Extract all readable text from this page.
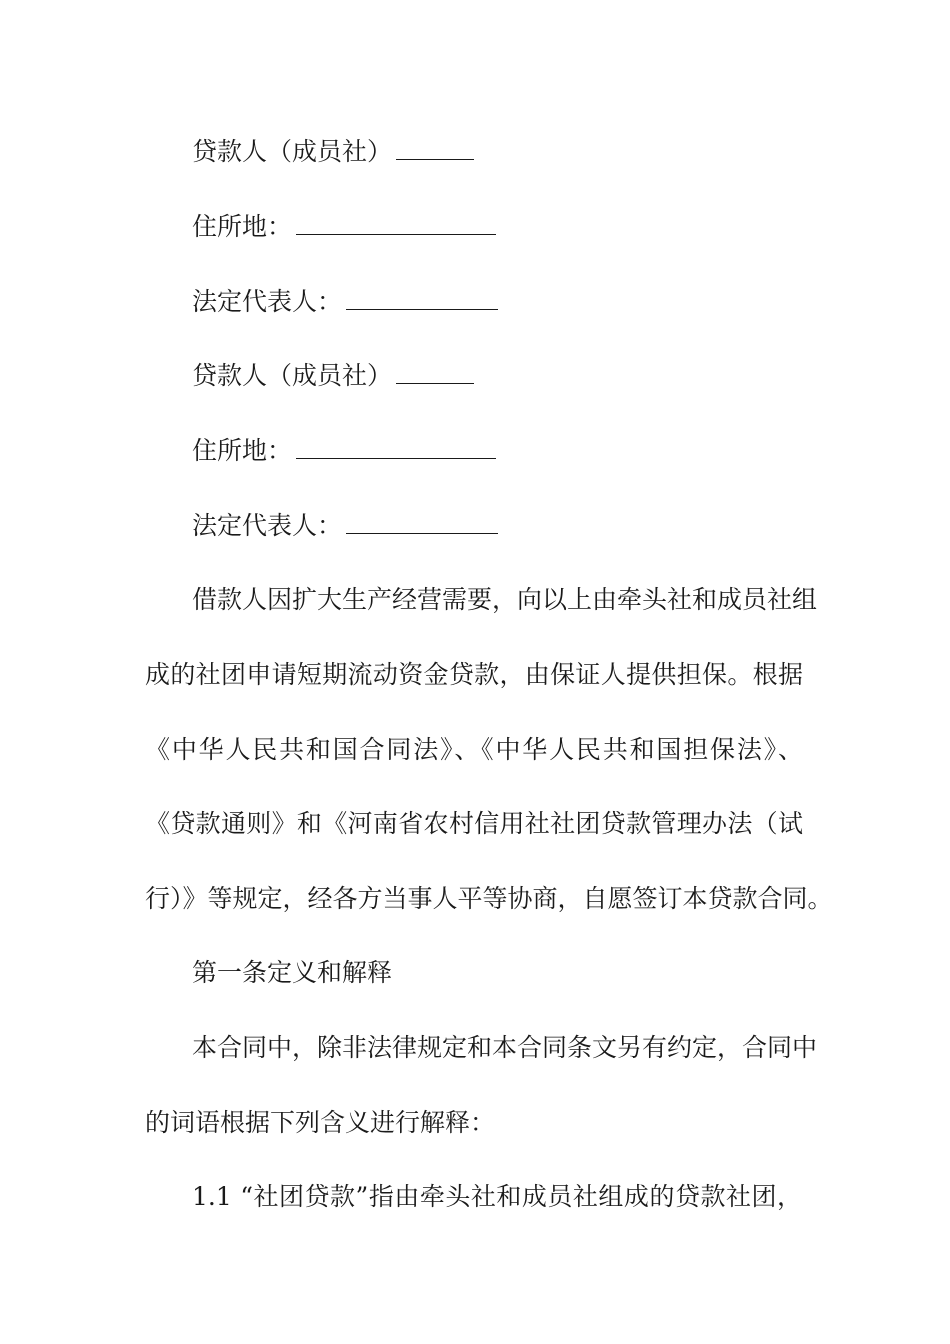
贷款人（成员社）
住所地：
法定代表人：
贷款人（成员社）
住所地：
法定代表人：
借款人因扩大生产经营需要，向以上由牵头社和成员社组
成的社团申请短期流动资金贷款，由保证人提供担保。根据
《中华人民共和国合同法》、《中华人民共和国担保法》、
《贷款通则》和《河南省农村信用社社团贷款管理办法（试
行）》等规定，经各方当事人平等协商，自愿签订本贷款合同。
第一条定义和解释
本合同中，除非法律规定和本合同条文另有约定，合同中
的词语根据下列含义进行解释：
1.1 “社团贷款”指由牵头社和成员社组成的贷款社团，
